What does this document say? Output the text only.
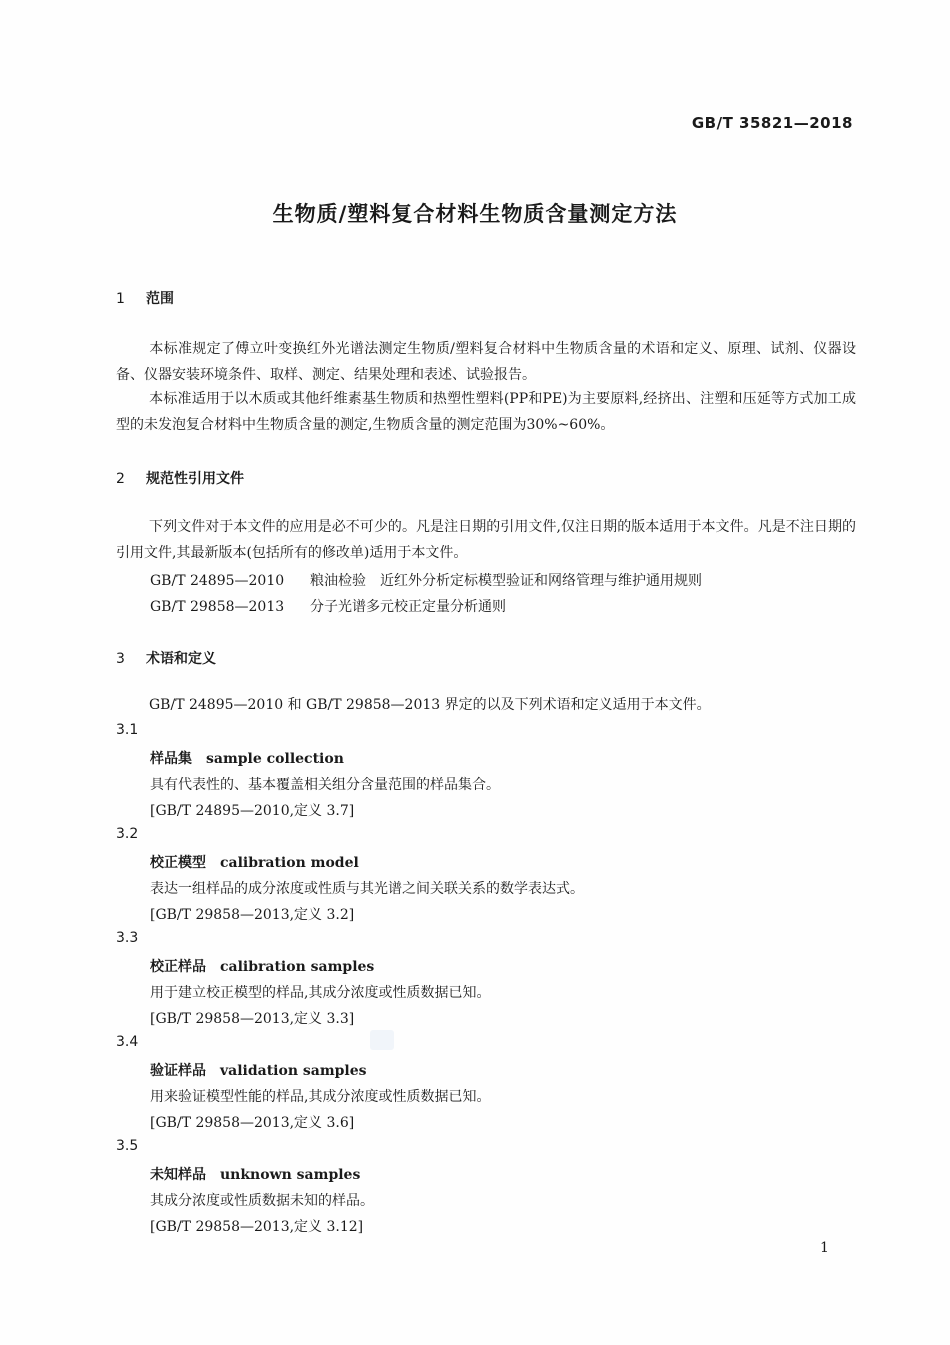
GB/T 35821—2018
生物质/塑料复合材料生物质含量测定方法
1 范围
本标准规定了傅立叶变换红外光谱法测定生物质/塑料复合材料中生物质含量的术语和定义、原理、试剂、仪器设备、仪器安装环境条件、取样、测定、结果处理和表述、试验报告。
本标准适用于以木质或其他纤维素基生物质和热塑性塑料(PP和PE)为主要原料,经挤出、注塑和压延等方式加工成型的未发泡复合材料中生物质含量的测定,生物质含量的测定范围为30%~60%。
2 规范性引用文件
下列文件对于本文件的应用是必不可少的。凡是注日期的引用文件,仅注日期的版本适用于本文件。凡是不注日期的引用文件,其最新版本(包括所有的修改单)适用于本文件。
GB/T 24895—2010 粮油检验　近红外分析定标模型验证和网络管理与维护通用规则
GB/T 29858—2013 分子光谱多元校正定量分析通则
3 术语和定义
GB/T 24895—2010 和 GB/T 29858—2013 界定的以及下列术语和定义适用于本文件。
3.1
样品集 sample collection
具有代表性的、基本覆盖相关组分含量范围的样品集合。
[GB/T 24895—2010,定义 3.7]
3.2
校正模型 calibration model
表达一组样品的成分浓度或性质与其光谱之间关联关系的数学表达式。
[GB/T 29858—2013,定义 3.2]
3.3
校正样品 calibration samples
用于建立校正模型的样品,其成分浓度或性质数据已知。
[GB/T 29858—2013,定义 3.3]
3.4
验证样品 validation samples
用来验证模型性能的样品,其成分浓度或性质数据已知。
[GB/T 29858—2013,定义 3.6]
3.5
未知样品 unknown samples
其成分浓度或性质数据未知的样品。
[GB/T 29858—2013,定义 3.12]
1
